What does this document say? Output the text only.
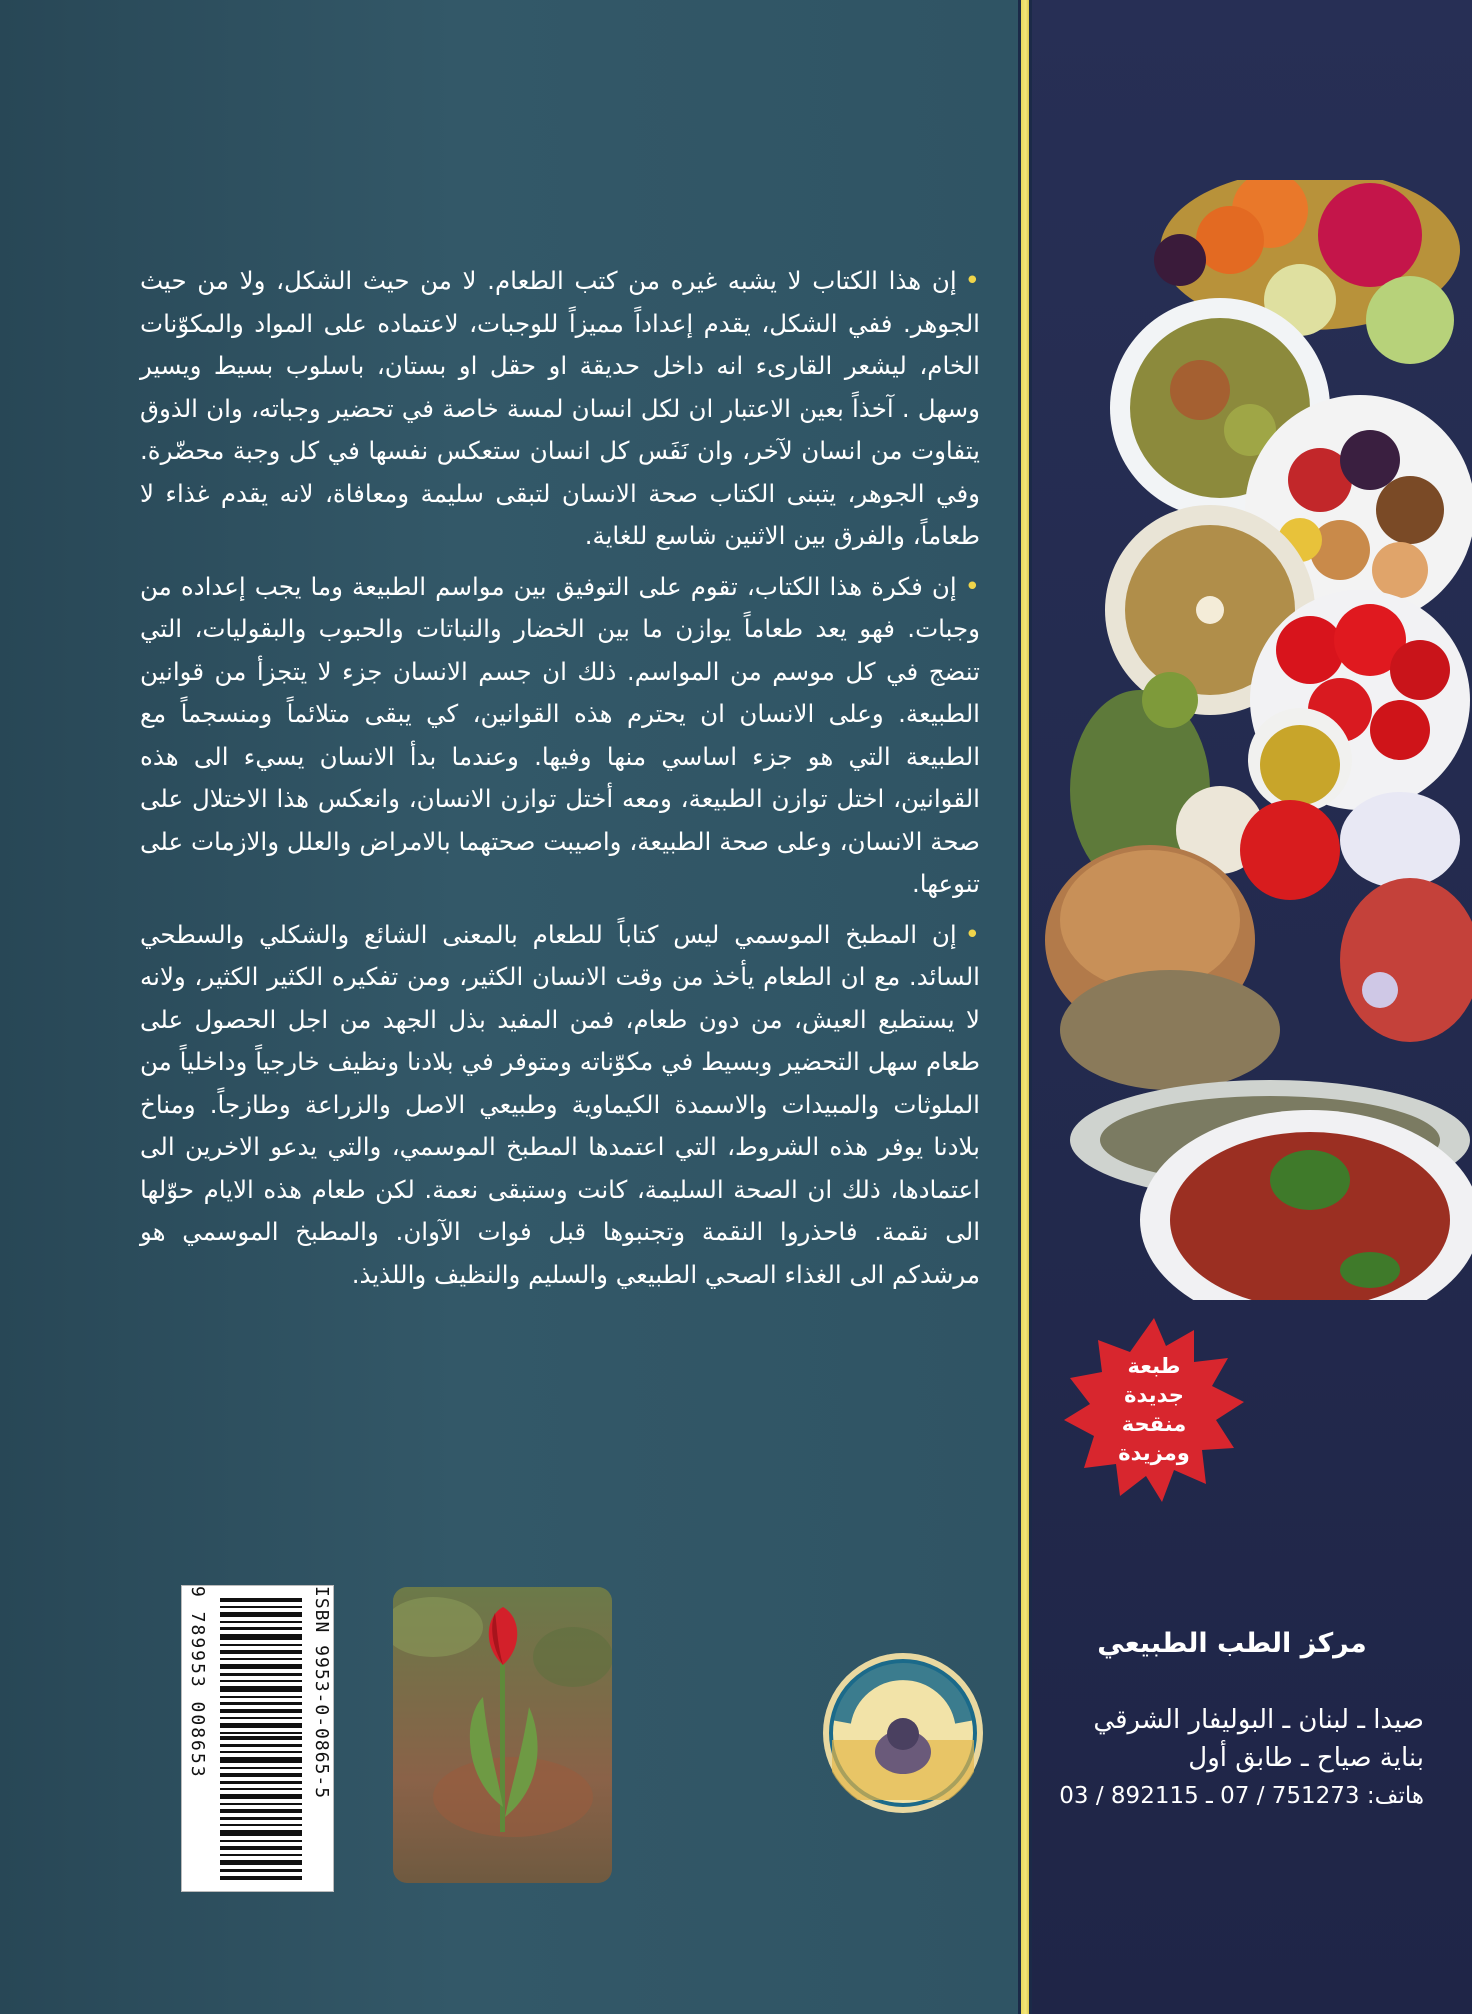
طبعة
جديدة
منقحة
ومزيدة

•إن هذا الكتاب لا يشبه غيره من كتب الطعام. لا من حيث الشكل، ولا من حيث الجوهر. ففي الشكل، يقدم إعداداً مميزاً للوجبات، لاعتماده على المواد والمكوّنات الخام، ليشعر القارىء انه داخل حديقة او حقل او بستان، باسلوب بسيط ويسير وسهل . آخذاً بعين الاعتبار ان لكل انسان لمسة خاصة في تحضير وجباته، وان الذوق يتفاوت من انسان لآخر، وان نَفَس كل انسان ستعكس نفسها في كل وجبة محضّرة. وفي الجوهر، يتبنى الكتاب صحة الانسان لتبقى سليمة ومعافاة، لانه يقدم غذاء لا طعاماً، والفرق بين الاثنين شاسع للغاية.

•إن فكرة هذا الكتاب، تقوم على التوفيق بين مواسم الطبيعة وما يجب إعداده من وجبات. فهو يعد طعاماً يوازن ما بين الخضار والنباتات والحبوب والبقوليات، التي تنضج في كل موسم من المواسم. ذلك ان جسم الانسان جزء لا يتجزأ من قوانين الطبيعة. وعلى الانسان ان يحترم هذه القوانين، كي يبقى متلائماً ومنسجماً مع الطبيعة التي هو جزء اساسي منها وفيها. وعندما بدأ الانسان يسيء الى هذه القوانين، اختل توازن الطبيعة، ومعه أختل توازن الانسان، وانعكس هذا الاختلال على صحة الانسان، وعلى صحة الطبيعة، واصيبت صحتهما بالامراض والعلل والازمات على تنوعها.

•إن المطبخ الموسمي ليس كتاباً للطعام بالمعنى الشائع والشكلي والسطحي السائد. مع ان الطعام يأخذ من وقت الانسان الكثير، ومن تفكيره الكثير الكثير، ولانه لا يستطيع العيش، من دون طعام، فمن المفيد بذل الجهد من اجل الحصول على طعام سهل التحضير وبسيط في مكوّناته ومتوفر في بلادنا ونظيف خارجياً وداخلياً من الملوثات والمبيدات والاسمدة الكيماوية وطبيعي الاصل والزراعة وطازجاً. ومناخ بلادنا يوفر هذه الشروط، التي اعتمدها المطبخ الموسمي، والتي يدعو الاخرين الى اعتمادها، ذلك ان الصحة السليمة، كانت وستبقى نعمة. لكن طعام هذه الايام حوّلها الى نقمة. فاحذروا النقمة وتجنبوها قبل فوات الآوان. والمطبخ الموسمي هو مرشدكم الى الغذاء الصحي الطبيعي والسليم والنظيف واللذيذ.

ISBN 9953-0-0865-5
9 789953 008653	مركز الطب الطبيعي
صيدا ـ لبنان ـ البوليفار الشرقي
بناية صياح ـ طابق أول
هاتف: 751273 / 07 ـ 892115 / 03
